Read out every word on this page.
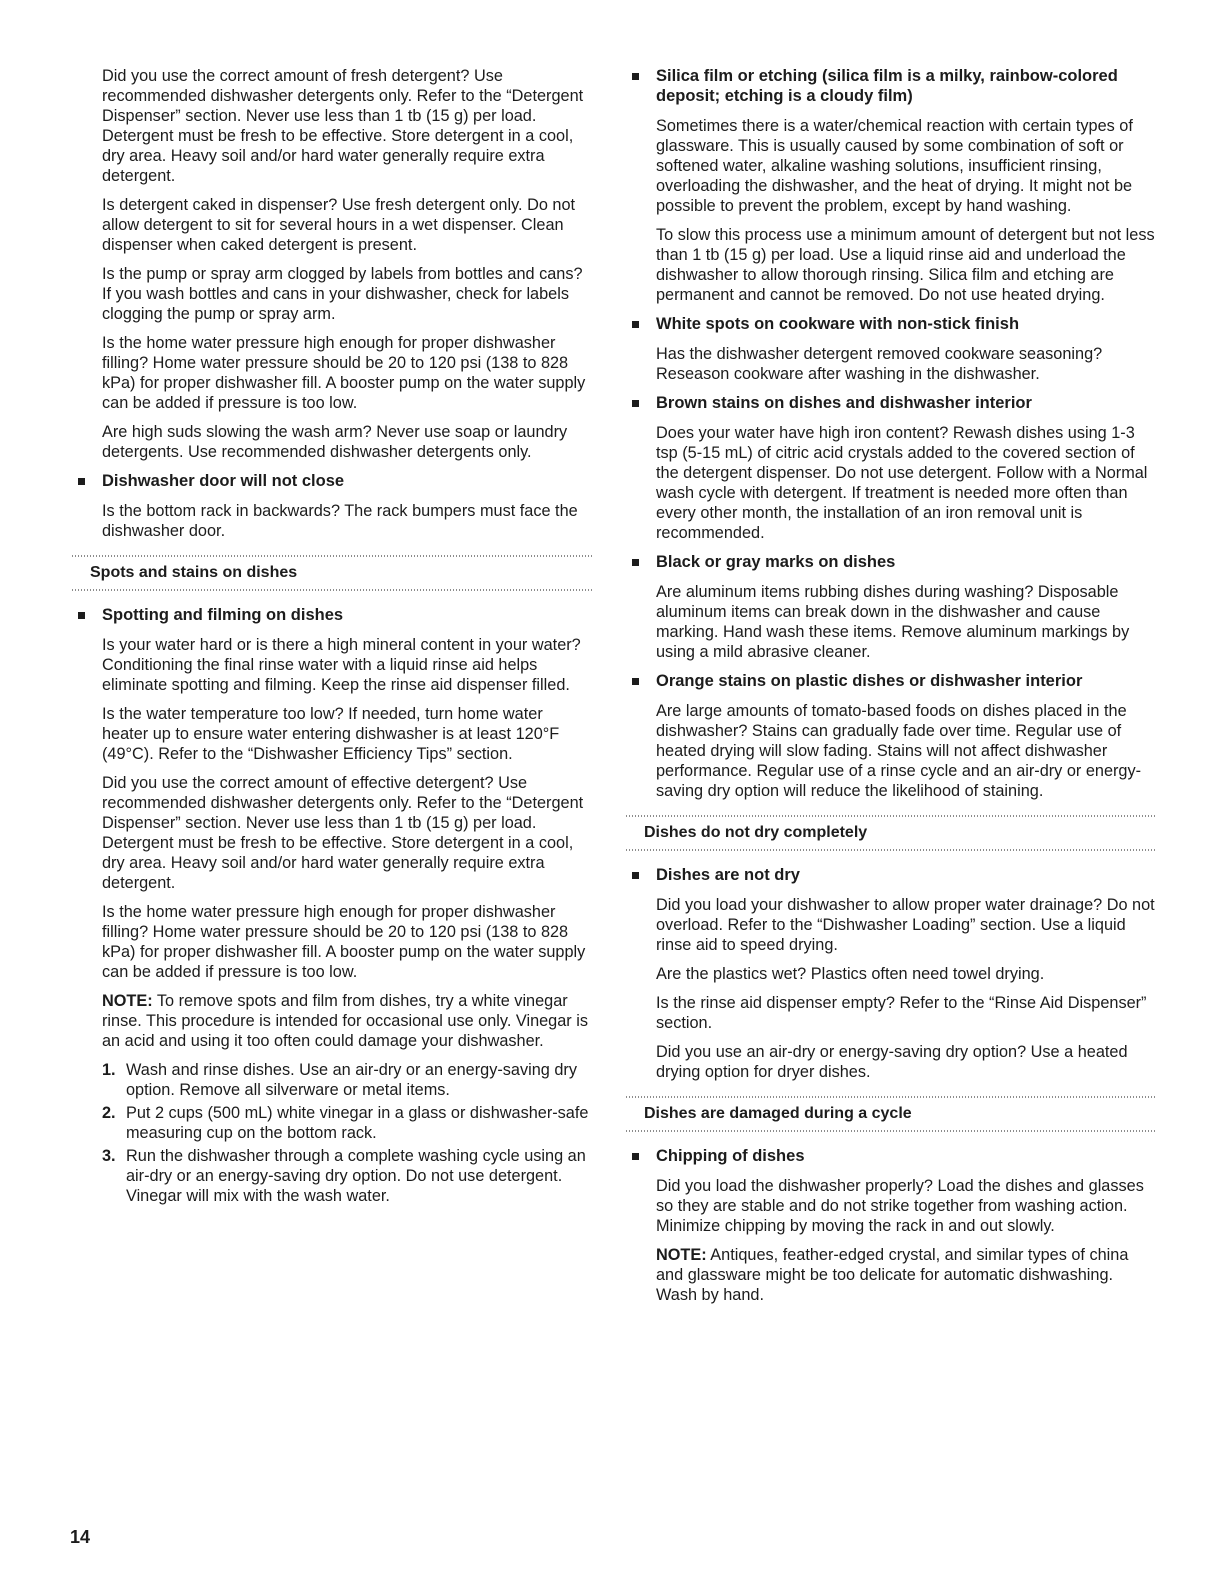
Did you use the correct amount of fresh detergent? Use recommended dishwasher detergents only. Refer to the “Detergent Dispenser” section. Never use less than 1 tb (15 g) per load. Detergent must be fresh to be effective. Store detergent in a cool, dry area. Heavy soil and/or hard water generally require extra detergent.

Is detergent caked in dispenser? Use fresh detergent only. Do not allow detergent to sit for several hours in a wet dispenser. Clean dispenser when caked detergent is present.

Is the pump or spray arm clogged by labels from bottles and cans? If you wash bottles and cans in your dishwasher, check for labels clogging the pump or spray arm.

Is the home water pressure high enough for proper dishwasher filling? Home water pressure should be 20 to 120 psi (138 to 828 kPa) for proper dishwasher fill. A booster pump on the water supply can be added if pressure is too low.

Are high suds slowing the wash arm? Never use soap or laundry detergents. Use recommended dishwasher detergents only.

Dishwasher door will not close

Is the bottom rack in backwards? The rack bumpers must face the dishwasher door.

Spots and stains on dishes
Spotting and filming on dishes

Is your water hard or is there a high mineral content in your water? Conditioning the final rinse water with a liquid rinse aid helps eliminate spotting and filming. Keep the rinse aid dispenser filled.

Is the water temperature too low? If needed, turn home water heater up to ensure water entering dishwasher is at least 120°F (49°C). Refer to the “Dishwasher Efficiency Tips” section.

Did you use the correct amount of effective detergent? Use recommended dishwasher detergents only. Refer to the “Detergent Dispenser” section. Never use less than 1 tb (15 g) per load. Detergent must be fresh to be effective. Store detergent in a cool, dry area. Heavy soil and/or hard water generally require extra detergent.

Is the home water pressure high enough for proper dishwasher filling? Home water pressure should be 20 to 120 psi (138 to 828 kPa) for proper dishwasher fill. A booster pump on the water supply can be added if pressure is too low.

NOTE: To remove spots and film from dishes, try a white vinegar rinse. This procedure is intended for occasional use only. Vinegar is an acid and using it too often could damage your dishwasher.

1. Wash and rinse dishes. Use an air-dry or an energy-saving dry option. Remove all silverware or metal items.
2. Put 2 cups (500 mL) white vinegar in a glass or dishwasher-safe measuring cup on the bottom rack.
3. Run the dishwasher through a complete washing cycle using an air-dry or an energy-saving dry option. Do not use detergent. Vinegar will mix with the wash water.
Silica film or etching (silica film is a milky, rainbow-colored deposit; etching is a cloudy film)

Sometimes there is a water/chemical reaction with certain types of glassware. This is usually caused by some combination of soft or softened water, alkaline washing solutions, insufficient rinsing, overloading the dishwasher, and the heat of drying. It might not be possible to prevent the problem, except by hand washing.

To slow this process use a minimum amount of detergent but not less than 1 tb (15 g) per load. Use a liquid rinse aid and underload the dishwasher to allow thorough rinsing. Silica film and etching are permanent and cannot be removed. Do not use heated drying.

White spots on cookware with non-stick finish

Has the dishwasher detergent removed cookware seasoning? Reseason cookware after washing in the dishwasher.

Brown stains on dishes and dishwasher interior

Does your water have high iron content? Rewash dishes using 1-3 tsp (5-15 mL) of citric acid crystals added to the covered section of the detergent dispenser. Do not use detergent. Follow with a Normal wash cycle with detergent. If treatment is needed more often than every other month, the installation of an iron removal unit is recommended.

Black or gray marks on dishes

Are aluminum items rubbing dishes during washing? Disposable aluminum items can break down in the dishwasher and cause marking. Hand wash these items. Remove aluminum markings by using a mild abrasive cleaner.

Orange stains on plastic dishes or dishwasher interior

Are large amounts of tomato-based foods on dishes placed in the dishwasher? Stains can gradually fade over time. Regular use of heated drying will slow fading. Stains will not affect dishwasher performance. Regular use of a rinse cycle and an air-dry or energy-saving dry option will reduce the likelihood of staining.

Dishes do not dry completely
Dishes are not dry

Did you load your dishwasher to allow proper water drainage? Do not overload. Refer to the “Dishwasher Loading” section. Use a liquid rinse aid to speed drying.

Are the plastics wet? Plastics often need towel drying.

Is the rinse aid dispenser empty? Refer to the “Rinse Aid Dispenser” section.

Did you use an air-dry or energy-saving dry option? Use a heated drying option for dryer dishes.

Dishes are damaged during a cycle
Chipping of dishes

Did you load the dishwasher properly? Load the dishes and glasses so they are stable and do not strike together from washing action. Minimize chipping by moving the rack in and out slowly.

NOTE: Antiques, feather-edged crystal, and similar types of china and glassware might be too delicate for automatic dishwashing. Wash by hand.

14
